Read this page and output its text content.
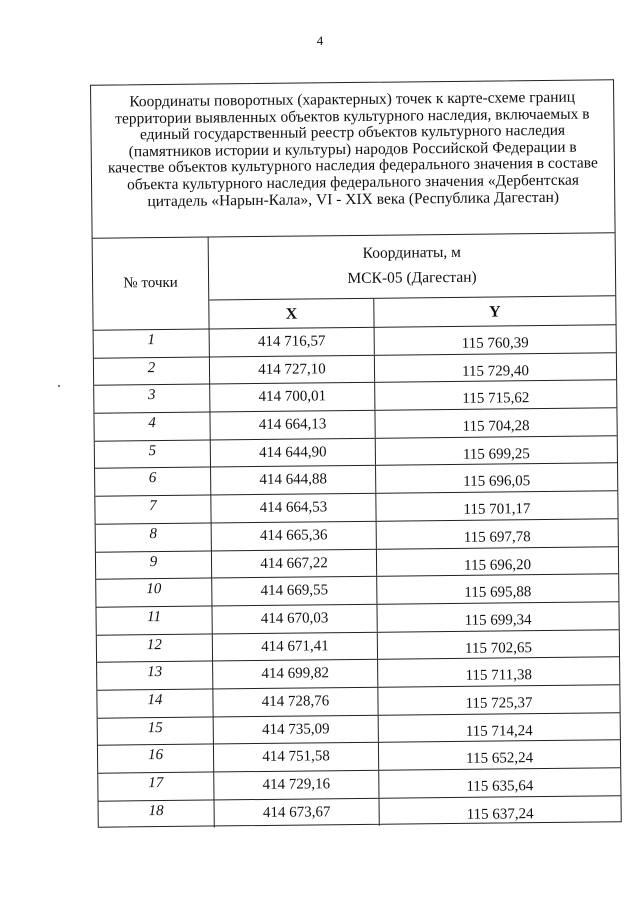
4
Координаты поворотных (характерных) точек к карте-схеме границ
территории выявленных объектов культурного наследия, включаемых в
единый государственный реестр объектов культурного наследия
(памятников истории и культуры) народов Российской Федерации в
качестве объектов культурного наследия федерального значения в составе
объекта культурного наследия федерального значения «Дербентская
цитадель «Нарын-Кала», VI - XIX века (Республика Дагестан)
№ точки
Координаты, м
МСК-05 (Дагестан)
X	Y
1	414 716,57	115 760,39
2	414 727,10	115 729,40
3	414 700,01	115 715,62
4	414 664,13	115 704,28
5	414 644,90	115 699,25
6	414 644,88	115 696,05
7	414 664,53	115 701,17
8	414 665,36	115 697,78
9	414 667,22	115 696,20
10	414 669,55	115 695,88
11	414 670,03	115 699,34
12	414 671,41	115 702,65
13	414 699,82	115 711,38
14	414 728,76	115 725,37
15	414 735,09	115 714,24
16	414 751,58	115 652,24
17	414 729,16	115 635,64
18	414 673,67	115 637,24
